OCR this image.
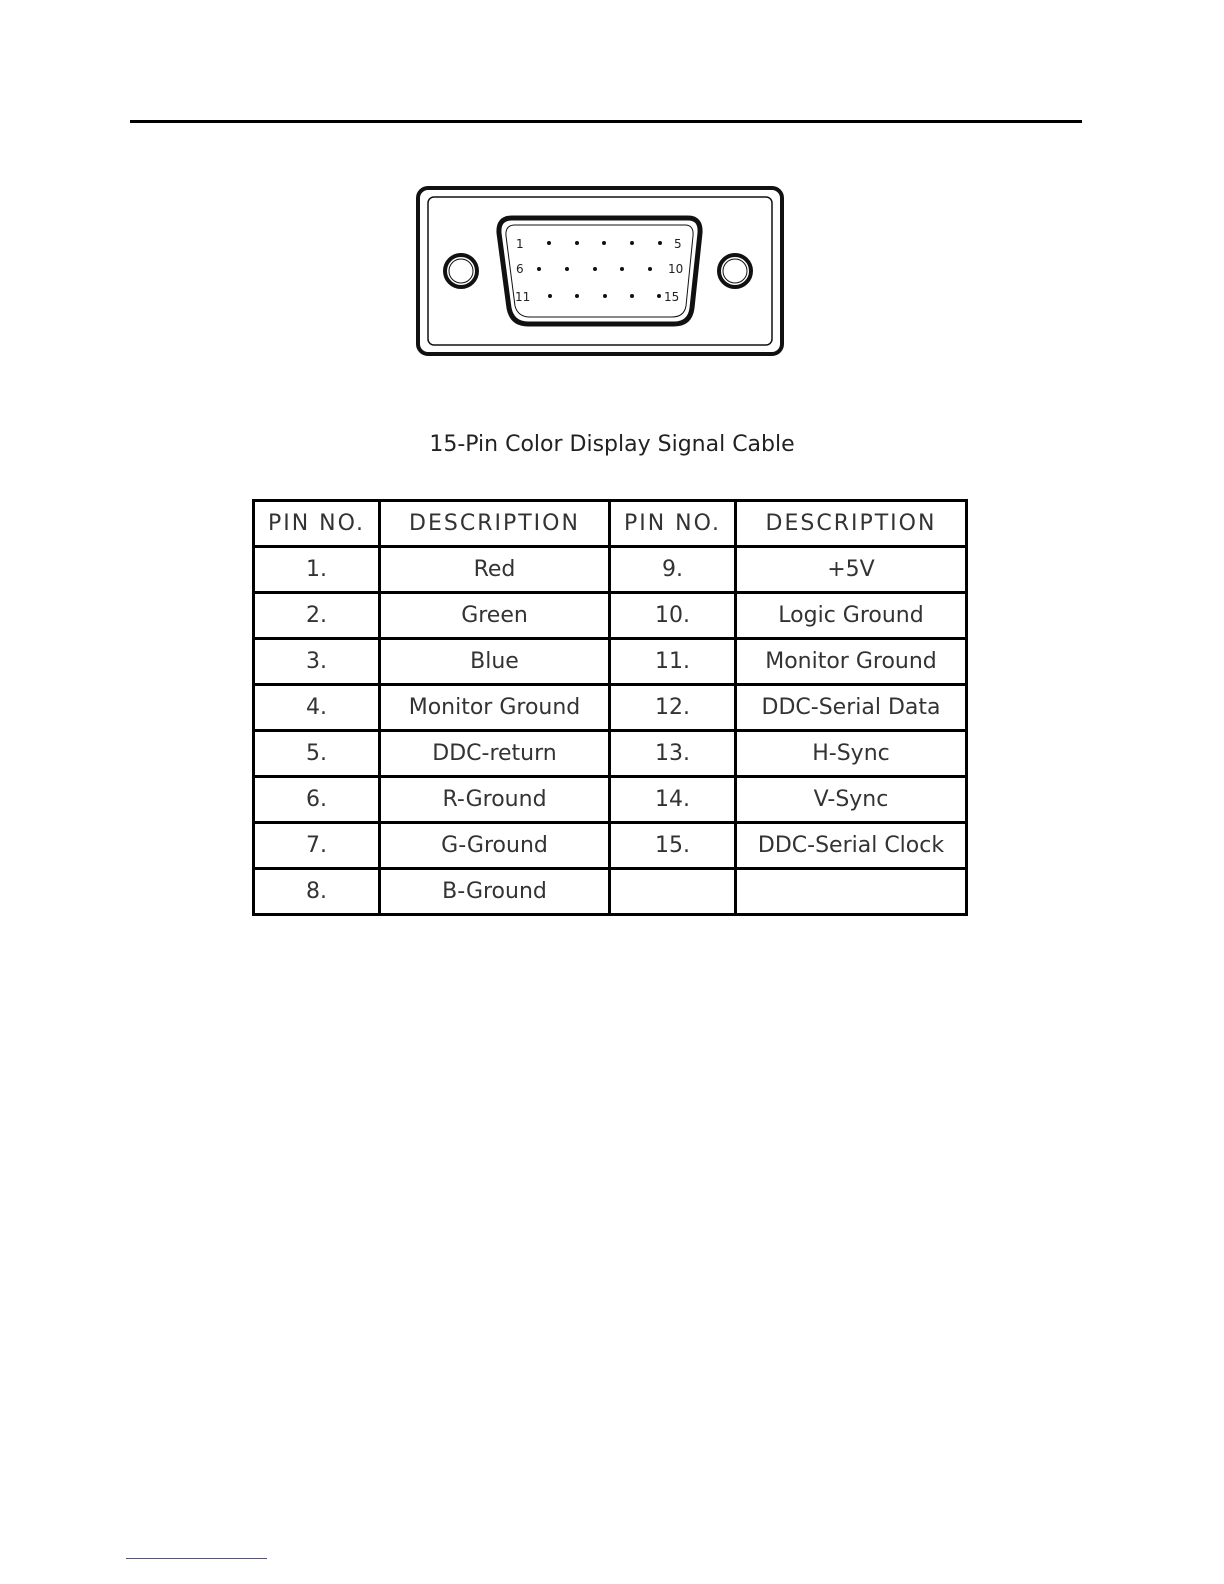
1	5
6	10
11	15
15-Pin Color Display Signal Cable
PIN NO.	DESCRIPTION	PIN NO.	DESCRIPTION
1.	Red	9.	+5V
2.	Green	10.	Logic Ground
3.	Blue	11.	Monitor Ground
4.	Monitor Ground	12.	DDC-Serial Data
5.	DDC-return	13.	H-Sync
6.	R-Ground	14.	V-Sync
7.	G-Ground	15.	DDC-Serial Clock
8.	B-Ground		
